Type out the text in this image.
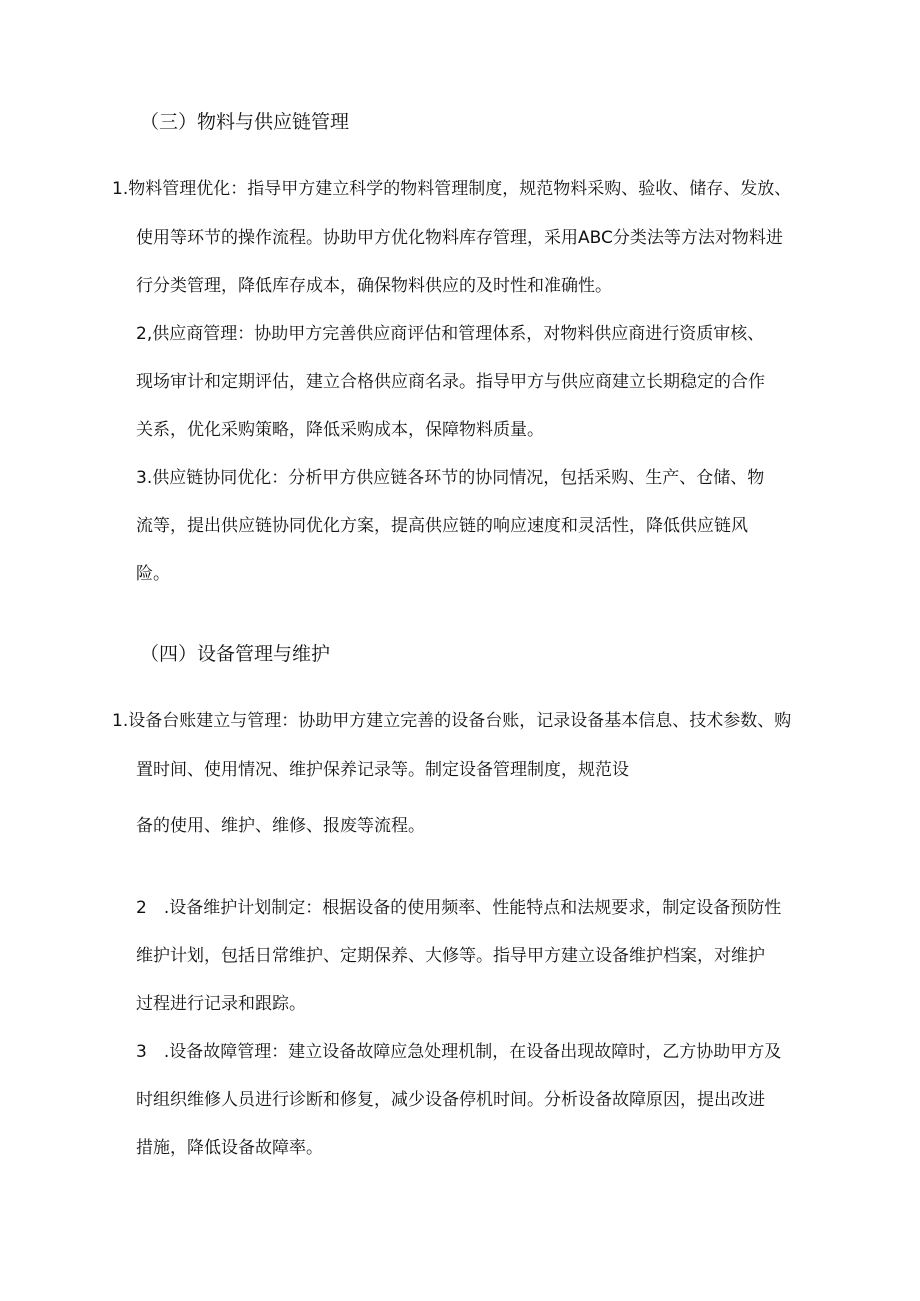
（三）物料与供应链管理
1.物料管理优化：指导甲方建立科学的物料管理制度，规范物料采购、验收、储存、发放、
使用等环节的操作流程。协助甲方优化物料库存管理，采用ABC分类法等方法对物料进
行分类管理，降低库存成本，确保物料供应的及时性和准确性。
2,供应商管理：协助甲方完善供应商评估和管理体系，对物料供应商进行资质审核、
现场审计和定期评估，建立合格供应商名录。指导甲方与供应商建立长期稳定的合作
关系，优化采购策略，降低采购成本，保障物料质量。
3.供应链协同优化：分析甲方供应链各环节的协同情况，包括采购、生产、仓储、物
流等，提出供应链协同优化方案，提高供应链的响应速度和灵活性，降低供应链风
险。
（四）设备管理与维护
1.设备台账建立与管理：协助甲方建立完善的设备台账，记录设备基本信息、技术参数、购
置时间、使用情况、维护保养记录等。制定设备管理制度，规范设
备的使用、维护、维修、报废等流程。
2　.设备维护计划制定：根据设备的使用频率、性能特点和法规要求，制定设备预防性
维护计划，包括日常维护、定期保养、大修等。指导甲方建立设备维护档案，对维护
过程进行记录和跟踪。
3　.设备故障管理：建立设备故障应急处理机制，在设备出现故障时，乙方协助甲方及
时组织维修人员进行诊断和修复，减少设备停机时间。分析设备故障原因，提出改进
措施，降低设备故障率。
